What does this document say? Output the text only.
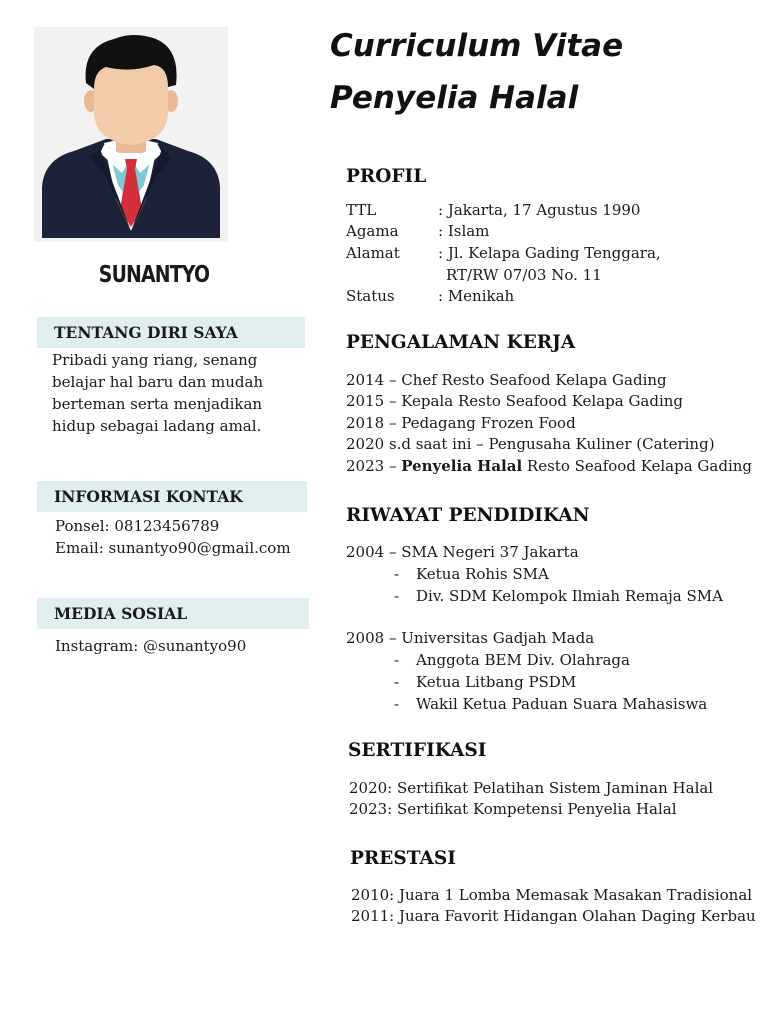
SUNANTYO
TENTANG DIRI SAYA
Pribadi yang riang, senang
belajar hal baru dan mudah
berteman serta menjadikan
hidup sebagai ladang amal.
INFORMASI KONTAK
Ponsel: 08123456789
Email: sunantyo90@gmail.com
MEDIA SOSIAL
Instagram: @sunantyo90
Curriculum Vitae
Penyelia Halal
PROFIL
TTL	: Jakarta, 17 Agustus 1990
Agama	: Islam
Alamat	: Jl. Kelapa Gading Tenggara,
RT/RW 07/03 No. 11
Status	: Menikah
PENGALAMAN KERJA
2014 – Chef Resto Seafood Kelapa Gading
2015 – Kepala Resto Seafood Kelapa Gading
2018 – Pedagang Frozen Food
2020 s.d saat ini – Pengusaha Kuliner (Catering)
2023 – Penyelia Halal Resto Seafood Kelapa Gading
RIWAYAT PENDIDIKAN
2004 – SMA Negeri 37 Jakarta
- Ketua Rohis SMA
- Div. SDM Kelompok Ilmiah Remaja SMA
2008 – Universitas Gadjah Mada
- Anggota BEM Div. Olahraga
- Ketua Litbang PSDM
- Wakil Ketua Paduan Suara Mahasiswa
SERTIFIKASI
2020: Sertifikat Pelatihan Sistem Jaminan Halal
2023: Sertifikat Kompetensi Penyelia Halal
PRESTASI
2010: Juara 1 Lomba Memasak Masakan Tradisional
2011: Juara Favorit Hidangan Olahan Daging Kerbau
